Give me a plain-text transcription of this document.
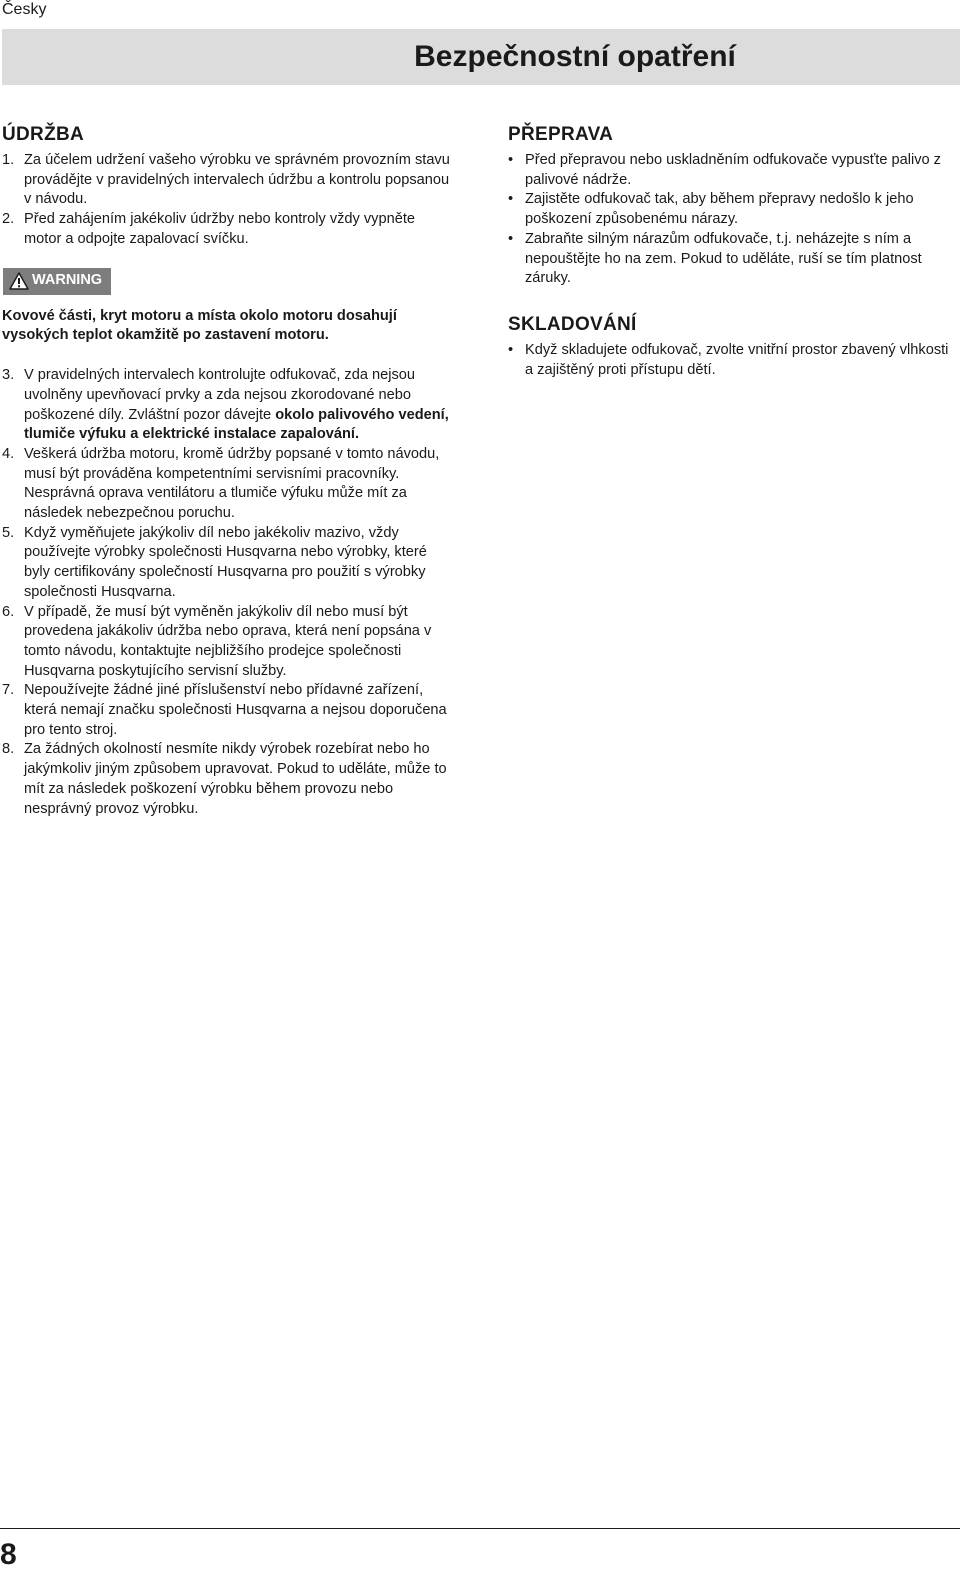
Česky
Bezpečnostní opatření
ÚDRŽBA
1. Za účelem udržení vašeho výrobku ve správném provozním stavu provádějte v pravidelných intervalech údržbu a kontrolu popsanou v návodu.
2. Před zahájením jakékoliv údržby nebo kontroly vždy vypněte motor a odpojte zapalovací svíčku.
WARNING
Kovové části, kryt motoru a místa okolo motoru dosahují vysokých teplot okamžitě po zastavení motoru.
3. V pravidelných intervalech kontrolujte odfukovač, zda nejsou uvolněny upevňovací prvky a zda nejsou zkorodované nebo poškozené díly. Zvláštní pozor dávejte okolo palivového vedení, tlumiče výfuku a elektrické instalace zapalování.
4. Veškerá údržba motoru, kromě údržby popsané v tomto návodu, musí být prováděna kompetentními servisními pracovníky. Nesprávná oprava ventilátoru a tlumiče výfuku může mít za následek nebezpečnou poruchu.
5. Když vyměňujete jakýkoliv díl nebo jakékoliv mazivo, vždy používejte výrobky společnosti Husqvarna nebo výrobky, které byly certifikovány společností Husqvarna pro použití s výrobky společnosti Husqvarna.
6. V případě, že musí být vyměněn jakýkoliv díl nebo musí být provedena jakákoliv údržba nebo oprava, která není popsána v tomto návodu, kontaktujte nejbližšího prodejce společnosti Husqvarna poskytujícího servisní služby.
7. Nepoužívejte žádné jiné příslušenství nebo přídavné zařízení, která nemají značku společnosti Husqvarna a nejsou doporučena pro tento stroj.
8. Za žádných okolností nesmíte nikdy výrobek rozebírat nebo ho jakýmkoliv jiným způsobem upravovat. Pokud to uděláte, může to mít za následek poškození výrobku během provozu nebo nesprávný provoz výrobku.
PŘEPRAVA
• Před přepravou nebo uskladněním odfukovače vypusťte palivo z palivové nádrže.
• Zajistěte odfukovač tak, aby během přepravy nedošlo k jeho poškození způsobenému nárazy.
• Zabraňte silným nárazům odfukovače, t.j. neházejte s ním a nepouštějte ho na zem. Pokud to uděláte, ruší se tím platnost záruky.
SKLADOVÁNÍ
• Když skladujete odfukovač, zvolte vnitřní prostor zbavený vlhkosti a zajištěný proti přístupu dětí.
8
